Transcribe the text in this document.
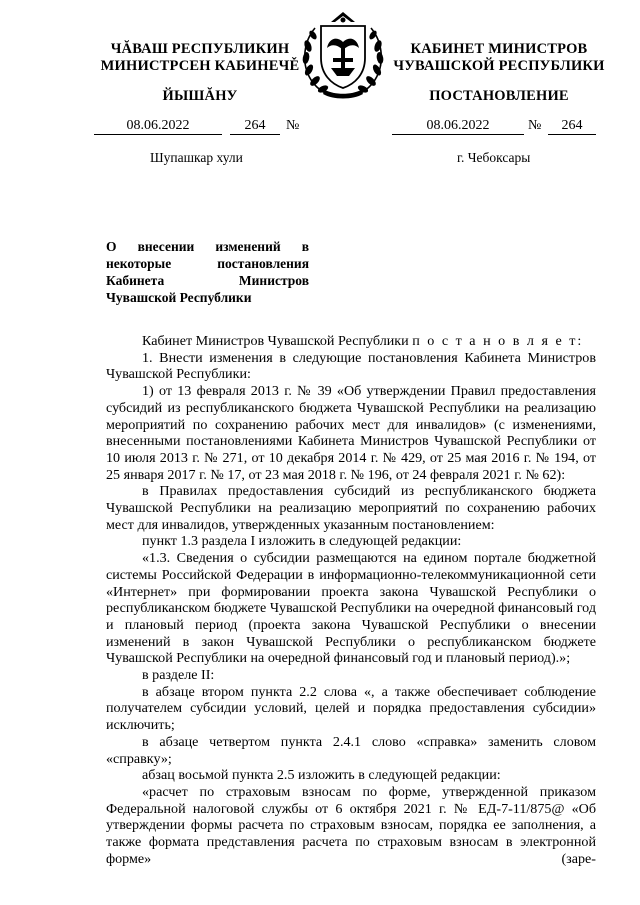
ЧĂВАШ РЕСПУБЛИКИН
МИНИСТРСЕН КАБИНЕЧĚ
ЙЫШĂНУ
КАБИНЕТ МИНИСТРОВ
ЧУВАШСКОЙ РЕСПУБЛИКИ
ПОСТАНОВЛЕНИЕ
08.06.2022	264	№	08.06.2022	№	264
Шупашкар хули	г. Чебоксары
О внесении изменений в некоторые постановления Кабинета Министров Чувашской Республики

Кабинет Министров Чувашской Республики п о с т а н о в л я е т:

1. Внести изменения в следующие постановления Кабинета Министров Чувашской Республики:

1) от 13 февраля 2013 г. № 39 «Об утверждении Правил предоставления субсидий из республиканского бюджета Чувашской Республики на реализацию мероприятий по сохранению рабочих мест для инвалидов» (с изменениями, внесенными постановлениями Кабинета Министров Чувашской Республики от 10 июля 2013 г. № 271, от 10 декабря 2014 г. № 429, от 25 мая 2016 г. № 194, от 25 января 2017 г. № 17, от 23 мая 2018 г. № 196, от 24 февраля 2021 г. № 62):

в Правилах предоставления субсидий из республиканского бюджета Чувашской Республики на реализацию мероприятий по сохранению рабочих мест для инвалидов, утвержденных указанным постановлением:

пункт 1.3 раздела I изложить в следующей редакции:

«1.3. Сведения о субсидии размещаются на едином портале бюджетной системы Российской Федерации в информационно-телекоммуникационной сети «Интернет» при формировании проекта закона Чувашской Республики о республиканском бюджете Чувашской Республики на очередной финансовый год и плановый период (проекта закона Чувашской Республики о внесении изменений в закон Чувашской Республики о республиканском бюджете Чувашской Республики на очередной финансовый год и плановый период).»;

в разделе II:

в абзаце втором пункта 2.2 слова «, а также обеспечивает соблюдение получателем субсидии условий, целей и порядка предоставления субсидии» исключить;

в абзаце четвертом пункта 2.4.1 слово «справка» заменить словом «справку»;

абзац восьмой пункта 2.5 изложить в следующей редакции:

«расчет по страховым взносам по форме, утвержденной приказом Федеральной налоговой службы от 6 октября 2021 г. № ЕД-7-11/875@ «Об утверждении формы расчета по страховым взносам, порядка ее заполнения, а также формата представления расчета по страховым взносам в электронной форме» (заре-
